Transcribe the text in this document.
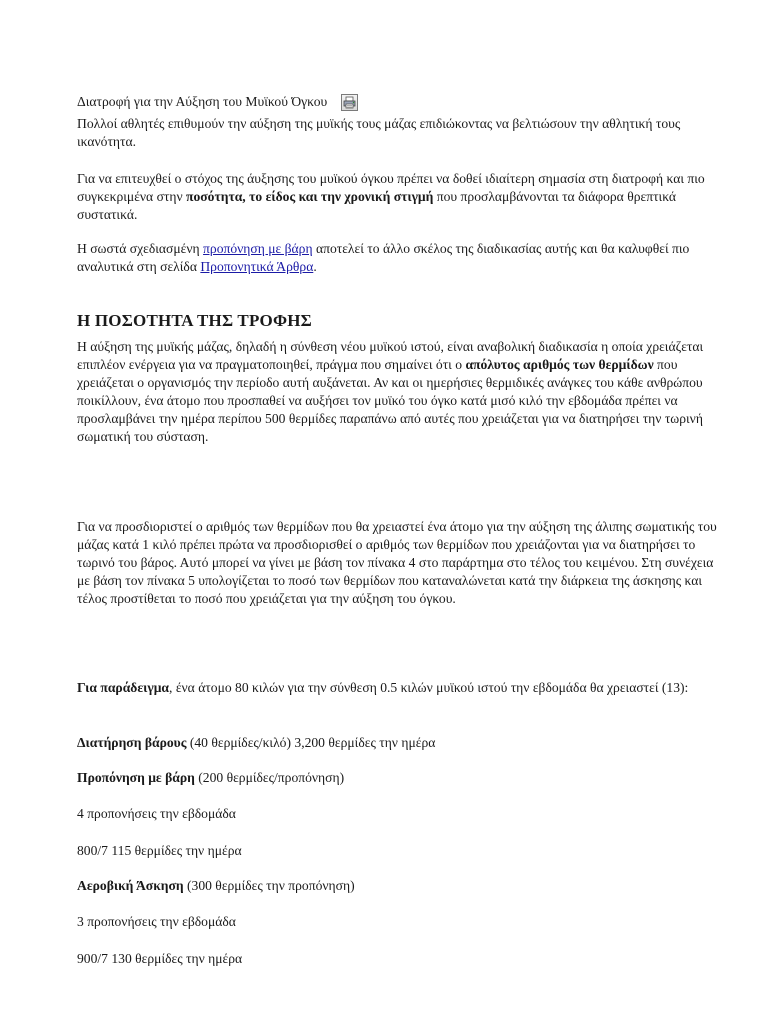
Διατροφή για την Αύξηση του Μυϊκού Όγκου

Πολλοί αθλητές επιθυμούν την αύξηση της μυϊκής τους μάζας επιδιώκοντας να βελτιώσουν την αθλητική τους ικανότητα.

Για να επιτευχθεί ο στόχος της άυξησης του μυϊκού όγκου πρέπει να δοθεί ιδιαίτερη σημασία στη διατροφή και πιο συγκεκριμένα στην ποσότητα, το είδος και την χρονική στιγμή που προσλαμβάνονται τα διάφορα θρεπτικά συστατικά.

Η σωστά σχεδιασμένη προπόνηση με βάρη αποτελεί το άλλο σκέλος της διαδικασίας αυτής και θα καλυφθεί πιο αναλυτικά στη σελίδα Προπονητικά Άρθρα.

Η ΠΟΣΟΤΗΤΑ ΤΗΣ ΤΡΟΦΗΣ

Η αύξηση της μυϊκής μάζας, δηλαδή η σύνθεση νέου μυϊκού ιστού, είναι αναβολική διαδικασία η οποία χρειάζεται επιπλέον ενέργεια για να πραγματοποιηθεί, πράγμα που σημαίνει ότι ο απόλυτος αριθμός των θερμίδων που χρειάζεται ο οργανισμός την περίοδο αυτή αυξάνεται. Αν και οι ημερήσιες θερμιδικές ανάγκες του κάθε ανθρώπου ποικίλλουν, ένα άτομο που προσπαθεί να αυξήσει τον μυϊκό του όγκο κατά μισό κιλό την εβδομάδα πρέπει να προσλαμβάνει την ημέρα περίπου 500 θερμίδες παραπάνω από αυτές που χρειάζεται για να διατηρήσει την τωρινή σωματική του σύσταση.

Για να προσδιοριστεί ο αριθμός των θερμίδων που θα χρειαστεί ένα άτομο για την αύξηση της άλιπης σωματικής του μάζας κατά 1 κιλό πρέπει πρώτα να προσδιορισθεί ο αριθμός των θερμίδων που χρειάζονται για να διατηρήσει το τωρινό του βάρος. Αυτό μπορεί να γίνει με βάση τον πίνακα 4 στο παράρτημα στο τέλος του κειμένου. Στη συνέχεια με βάση τον πίνακα 5 υπολογίζεται το ποσό των θερμίδων που καταναλώνεται κατά την διάρκεια της άσκησης και τέλος προστίθεται το ποσό που χρειάζεται για την αύξηση του όγκου.

Για παράδειγμα, ένα άτομο 80 κιλών για την σύνθεση 0.5 κιλών μυϊκού ιστού την εβδομάδα θα χρειαστεί (13):

Διατήρηση βάρους (40 θερμίδες/κιλό) 3,200 θερμίδες την ημέρα

Προπόνηση με βάρη (200 θερμίδες/προπόνηση)

4 προπονήσεις την εβδομάδα

800/7 115 θερμίδες την ημέρα

Αεροβική Άσκηση (300 θερμίδες την προπόνηση)

3 προπονήσεις την εβδομάδα

900/7 130 θερμίδες την ημέρα
